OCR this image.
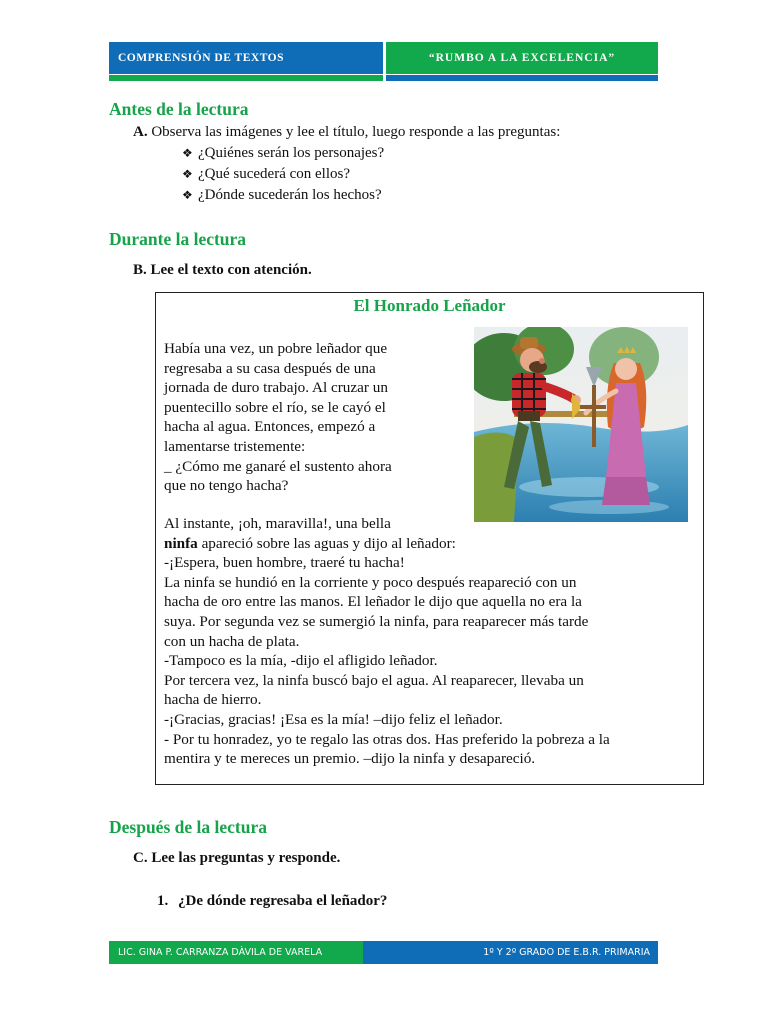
COMPRENSIÓN DE TEXTOS	“RUMBO A LA EXCELENCIA”
Antes de la lectura
A. Observa las imágenes y lee el título, luego responde a las preguntas:
❖ ¿Quiénes serán los personajes?
❖ ¿Qué sucederá con ellos?
❖ ¿Dónde sucederán los hechos?
Durante la lectura
B. Lee el texto con atención.
El Honrado Leñador
Había una vez, un pobre leñador que
regresaba a su casa después de una
jornada de duro trabajo. Al cruzar un
puentecillo sobre el río, se le cayó el
hacha al agua. Entonces, empezó a
lamentarse tristemente:
_ ¿Cómo me ganaré el sustento ahora
que no tengo hacha?
Al instante, ¡oh, maravilla!, una bella
ninfa apareció sobre las aguas y dijo al leñador:
-¡Espera, buen hombre, traeré tu hacha!
La ninfa se hundió en la corriente y poco después reapareció con un
hacha de oro entre las manos. El leñador le dijo que aquella no era la
suya. Por segunda vez se sumergió la ninfa, para reaparecer más tarde
con un hacha de plata.
-Tampoco es la mía, -dijo el afligido leñador.
Por tercera vez, la ninfa buscó bajo el agua. Al reaparecer, llevaba un
hacha de hierro.
-¡Gracias, gracias! ¡Esa es la mía! –dijo feliz el leñador.
- Por tu honradez, yo te regalo las otras dos. Has preferido la pobreza a la
mentira y te mereces un premio. –dijo la ninfa y desapareció.
Después de la lectura
C. Lee las preguntas y responde.
1. ¿De dónde regresaba el leñador?
LIC. GINA P. CARRANZA DÀVILA DE VARELA	1º Y 2º GRADO DE E.B.R. PRIMARIA
